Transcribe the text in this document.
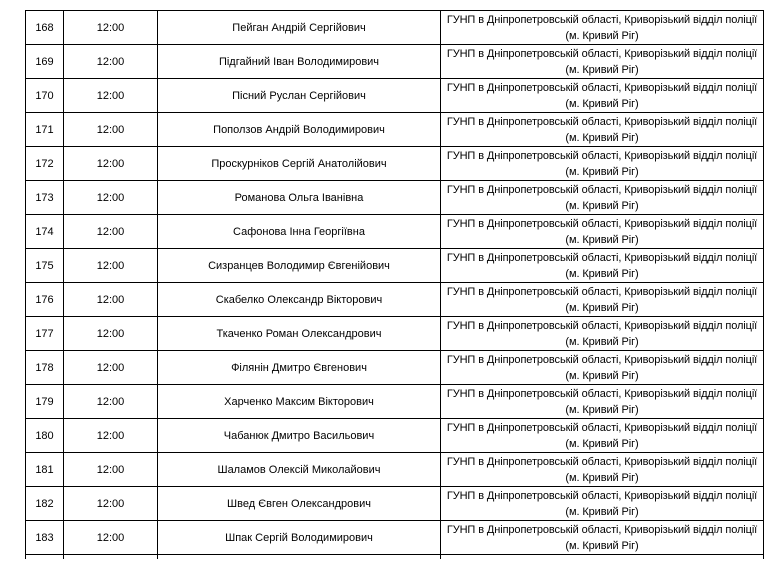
168	12:00	Пейган Андрій Сергійович	ГУНП в Дніпропетровській області, Криворізький відділ поліції (м. Кривий Ріг)
169	12:00	Підгайний Іван Володимирович	ГУНП в Дніпропетровській області, Криворізький відділ поліції (м. Кривий Ріг)
170	12:00	Пісний Руслан Сергійович	ГУНП в Дніпропетровській області, Криворізький відділ поліції (м. Кривий Ріг)
171	12:00	Поползов Андрій Володимирович	ГУНП в Дніпропетровській області, Криворізький відділ поліції (м. Кривий Ріг)
172	12:00	Проскурніков Сергій Анатолійович	ГУНП в Дніпропетровській області, Криворізький відділ поліції (м. Кривий Ріг)
173	12:00	Романова Ольга Іванівна	ГУНП в Дніпропетровській області, Криворізький відділ поліції (м. Кривий Ріг)
174	12:00	Сафонова Інна Георгіївна	ГУНП в Дніпропетровській області, Криворізький відділ поліції (м. Кривий Ріг)
175	12:00	Сизранцев Володимир Євгенійович	ГУНП в Дніпропетровській області, Криворізький відділ поліції (м. Кривий Ріг)
176	12:00	Скабелко Олександр Вікторович	ГУНП в Дніпропетровській області, Криворізький відділ поліції (м. Кривий Ріг)
177	12:00	Ткаченко Роман Олександрович	ГУНП в Дніпропетровській області, Криворізький відділ поліції (м. Кривий Ріг)
178	12:00	Філянін Дмитро Євгенович	ГУНП в Дніпропетровській області, Криворізький відділ поліції (м. Кривий Ріг)
179	12:00	Харченко Максим Вікторович	ГУНП в Дніпропетровській області, Криворізький відділ поліції (м. Кривий Ріг)
180	12:00	Чабанюк Дмитро Васильович	ГУНП в Дніпропетровській області, Криворізький відділ поліції (м. Кривий Ріг)
181	12:00	Шаламов Олексій Миколайович	ГУНП в Дніпропетровській області, Криворізький відділ поліції (м. Кривий Ріг)
182	12:00	Швед Євген Олександрович	ГУНП в Дніпропетровській області, Криворізький відділ поліції (м. Кривий Ріг)
183	12:00	Шпак Сергій Володимирович	ГУНП в Дніпропетровській області, Криворізький відділ поліції (м. Кривий Ріг)
